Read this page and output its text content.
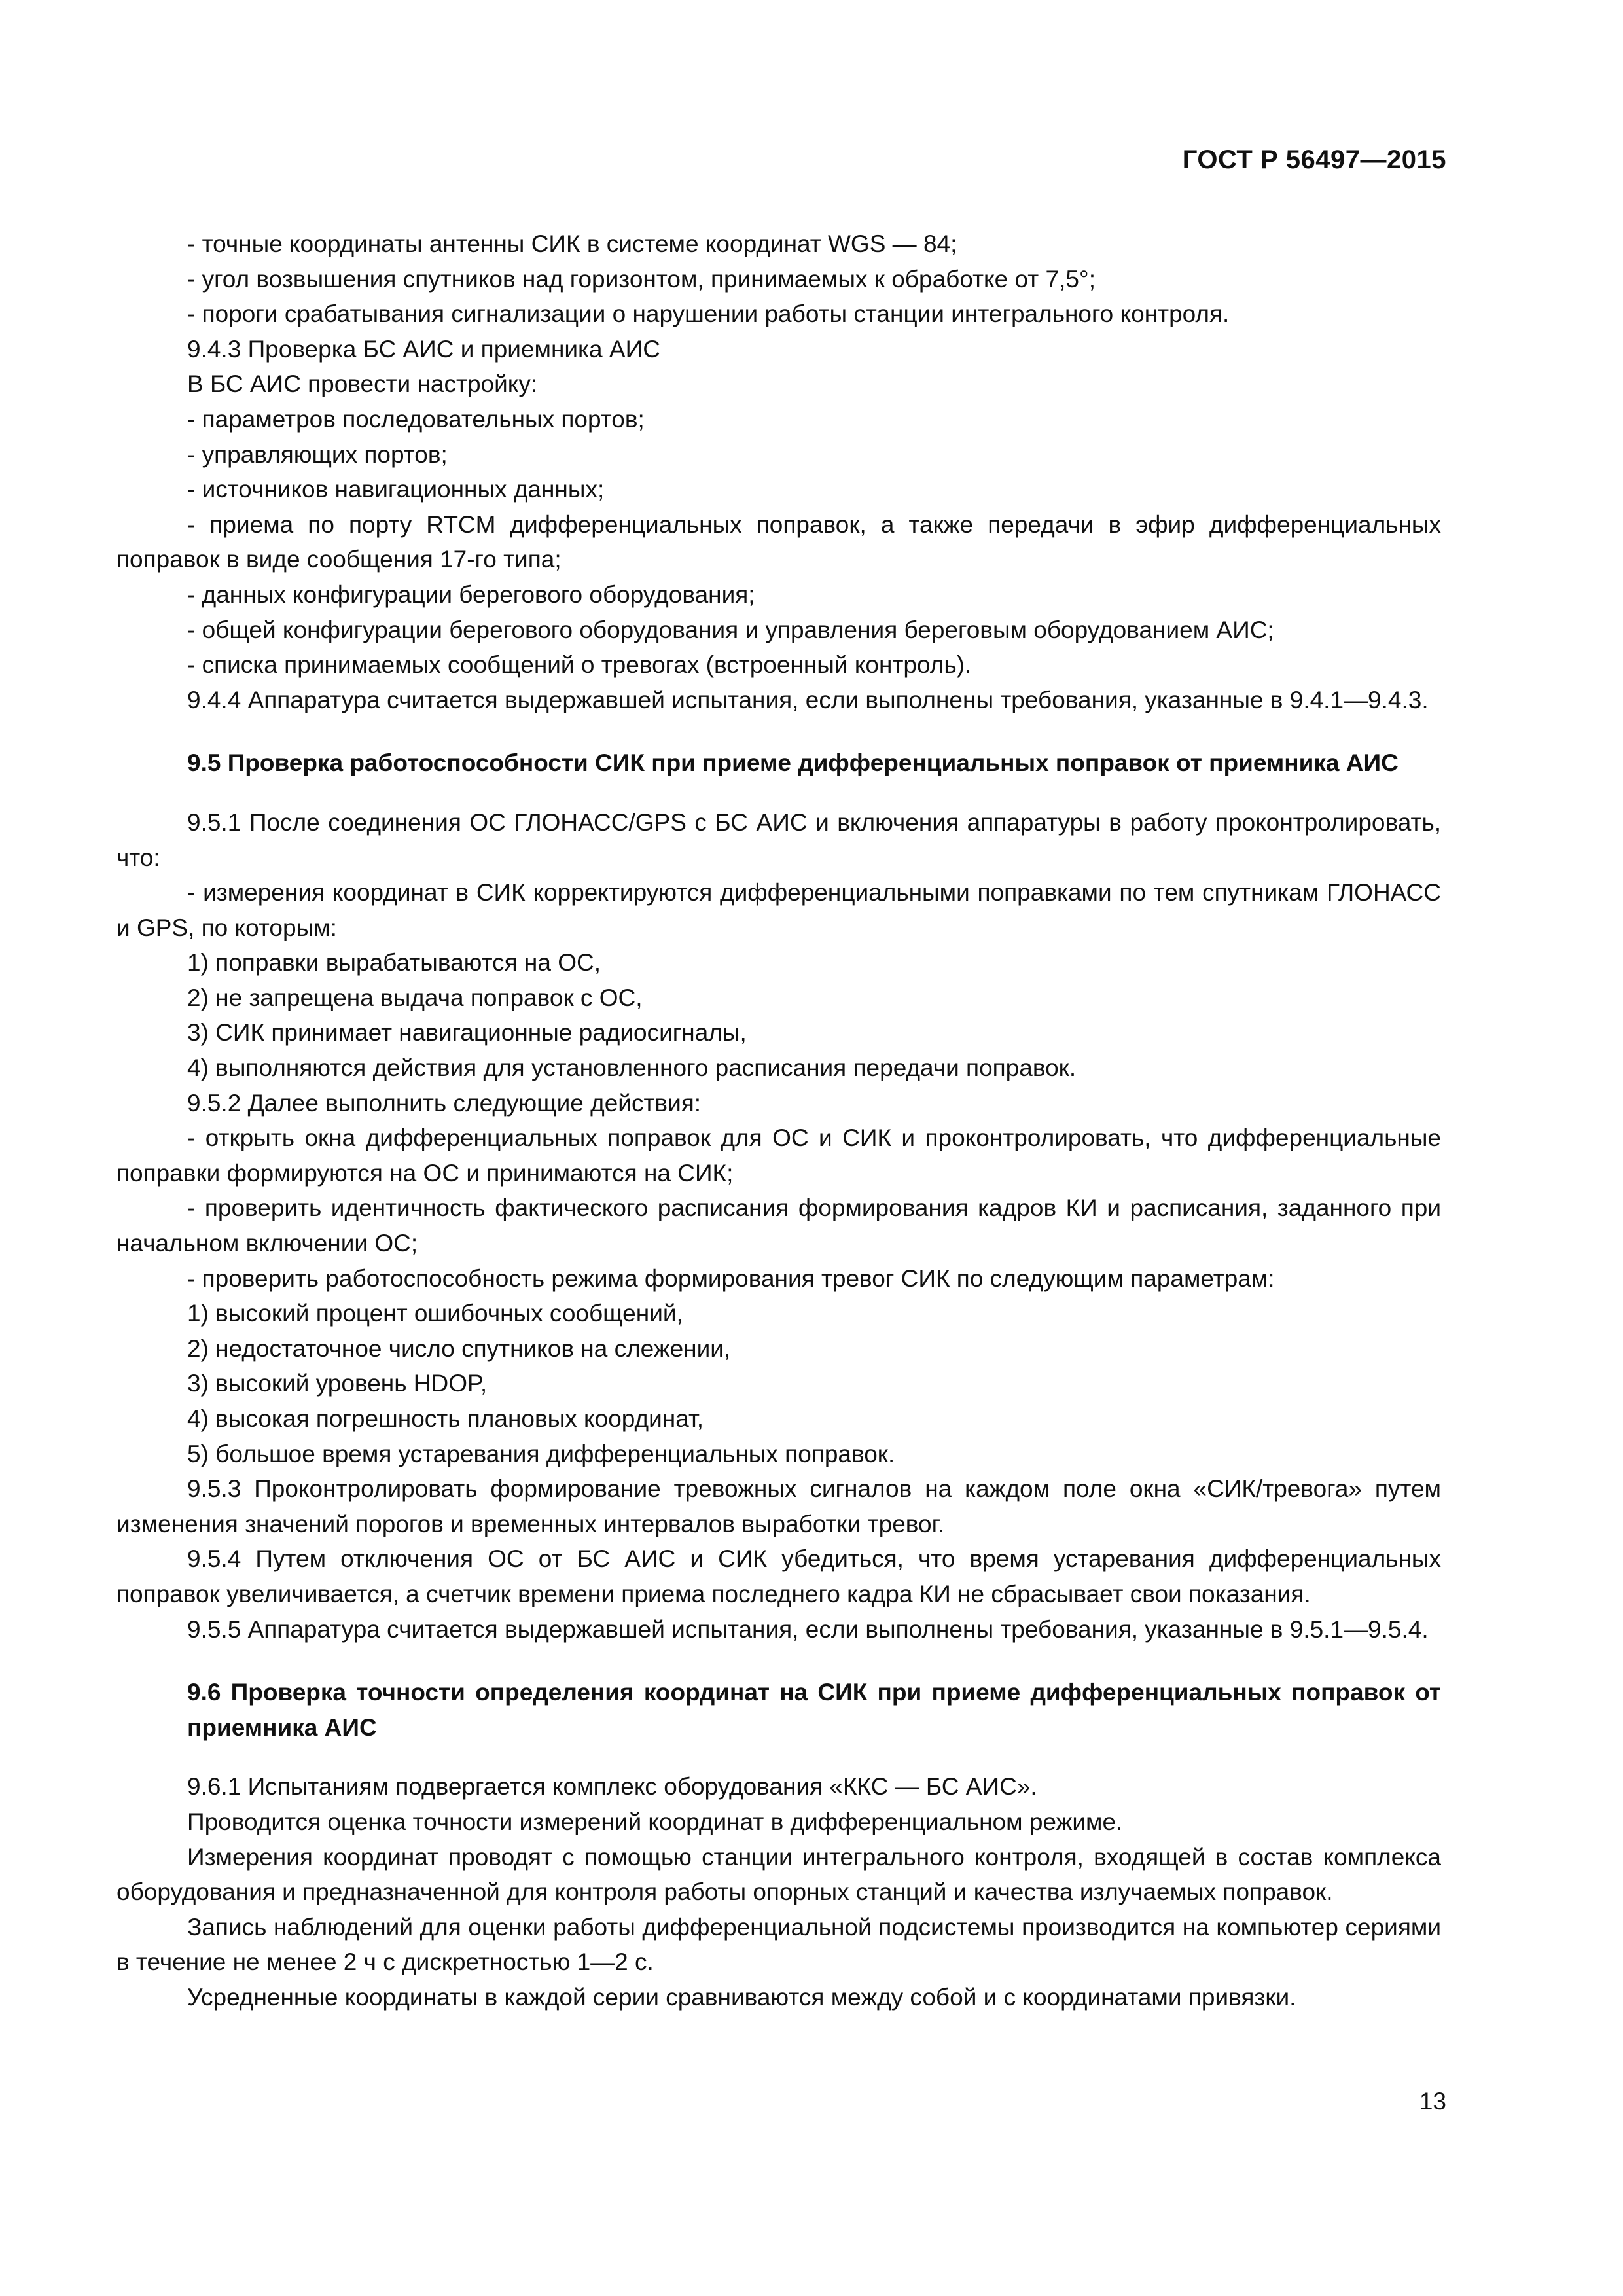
ГОСТ Р 56497—2015

- точные координаты антенны СИК в системе координат WGS — 84;

- угол возвышения спутников над горизонтом, принимаемых к обработке от 7,5°;

- пороги срабатывания сигнализации о нарушении работы станции интегрального контроля.

9.4.3 Проверка БС АИС и приемника АИС

В БС АИС провести настройку:

- параметров последовательных портов;

- управляющих портов;

- источников навигационных данных;

- приема по порту RTCM дифференциальных поправок, а также передачи в эфир дифференциальных поправок в виде сообщения 17-го типа;

- данных конфигурации берегового оборудования;

- общей конфигурации берегового оборудования и управления береговым оборудованием АИС;

- списка принимаемых сообщений о тревогах (встроенный контроль).

9.4.4 Аппаратура считается выдержавшей испытания, если выполнены требования, указанные в 9.4.1—9.4.3.

9.5 Проверка работоспособности СИК при приеме дифференциальных поправок от приемника АИС

9.5.1 После соединения ОС ГЛОНАСС/GPS с БС АИС и включения аппаратуры в работу проконтролировать, что:

- измерения координат в СИК корректируются дифференциальными поправками по тем спутникам ГЛОНАСС и GPS, по которым:

1) поправки вырабатываются на ОС,

2) не запрещена выдача поправок с ОС,

3) СИК принимает навигационные радиосигналы,

4) выполняются действия для установленного расписания передачи поправок.

9.5.2 Далее выполнить следующие действия:

- открыть окна дифференциальных поправок для ОС и СИК и проконтролировать, что дифференциальные поправки формируются на ОС и принимаются на СИК;

- проверить идентичность фактического расписания формирования кадров КИ и расписания, заданного при начальном включении ОС;

- проверить работоспособность режима формирования тревог СИК по следующим параметрам:

1) высокий процент ошибочных сообщений,

2) недостаточное число спутников на слежении,

3) высокий уровень HDOP,

4) высокая погрешность плановых координат,

5) большое время устаревания дифференциальных поправок.

9.5.3 Проконтролировать формирование тревожных сигналов на каждом поле окна «СИК/тревога» путем изменения значений порогов и временных интервалов выработки тревог.

9.5.4 Путем отключения ОС от БС АИС и СИК убедиться, что время устаревания дифференциальных поправок увеличивается, а счетчик времени приема последнего кадра КИ не сбрасывает свои показания.

9.5.5 Аппаратура считается выдержавшей испытания, если выполнены требования, указанные в 9.5.1—9.5.4.

9.6 Проверка точности определения координат на СИК при приеме дифференциальных поправок от приемника АИС

9.6.1 Испытаниям подвергается комплекс оборудования «ККС — БС АИС».

Проводится оценка точности измерений координат в дифференциальном режиме.

Измерения координат проводят с помощью станции интегрального контроля, входящей в состав комплекса оборудования и предназначенной для контроля работы опорных станций и качества излучаемых поправок.

Запись наблюдений для оценки работы дифференциальной подсистемы производится на компьютер сериями в течение не менее 2 ч с дискретностью 1—2 с.

Усредненные координаты в каждой серии сравниваются между собой и с координатами привязки.

13
